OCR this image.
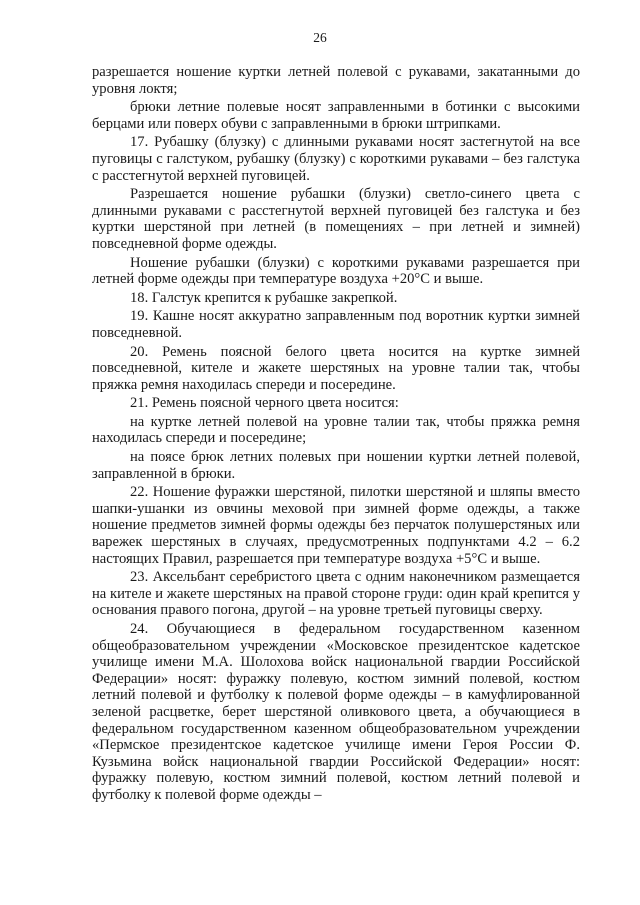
26

разрешается ношение куртки летней полевой с рукавами, закатанными до уровня локтя;

брюки летние полевые носят заправленными в ботинки с высокими берцами или поверх обуви с заправленными в брюки штрипками.

17. Рубашку (блузку) с длинными рукавами носят застегнутой на все пуговицы с галстуком, рубашку (блузку) с короткими рукавами – без галстука с расстегнутой верхней пуговицей.

Разрешается ношение рубашки (блузки) светло-синего цвета с длинными рукавами с расстегнутой верхней пуговицей без галстука и без куртки шерстяной при летней (в помещениях – при летней и зимней) повседневной форме одежды.

Ношение рубашки (блузки) с короткими рукавами разрешается при летней форме одежды при температуре воздуха +20°С и выше.

18. Галстук крепится к рубашке закрепкой.

19. Кашне носят аккуратно заправленным под воротник куртки зимней повседневной.

20. Ремень поясной белого цвета носится на куртке зимней повседневной, кителе и жакете шерстяных на уровне талии так, чтобы пряжка ремня находилась спереди и посередине.

21. Ремень поясной черного цвета носится:

на куртке летней полевой на уровне талии так, чтобы пряжка ремня находилась спереди и посередине;

на поясе брюк летних полевых при ношении куртки летней полевой, заправленной в брюки.

22. Ношение фуражки шерстяной, пилотки шерстяной и шляпы вместо шапки-ушанки из овчины меховой при зимней форме одежды, а также ношение предметов зимней формы одежды без перчаток полушерстяных или варежек шерстяных в случаях, предусмотренных подпунктами 4.2 – 6.2 настоящих Правил, разрешается при температуре воздуха +5°С и выше.

23. Аксельбант серебристого цвета с одним наконечником размещается на кителе и жакете шерстяных на правой стороне груди: один край крепится у основания правого погона, другой – на уровне третьей пуговицы сверху.

24. Обучающиеся в федеральном государственном казенном общеобразовательном учреждении «Московское президентское кадетское училище имени М.А. Шолохова войск национальной гвардии Российской Федерации» носят: фуражку полевую, костюм зимний полевой, костюм летний полевой и футболку к полевой форме одежды – в камуфлированной зеленой расцветке, берет шерстяной оливкового цвета, а обучающиеся в федеральном государственном казенном общеобразовательном учреждении «Пермское президентское кадетское училище имени Героя России Ф. Кузьмина войск национальной гвардии Российской Федерации» носят: фуражку полевую, костюм зимний полевой, костюм летний полевой и футболку к полевой форме одежды –
